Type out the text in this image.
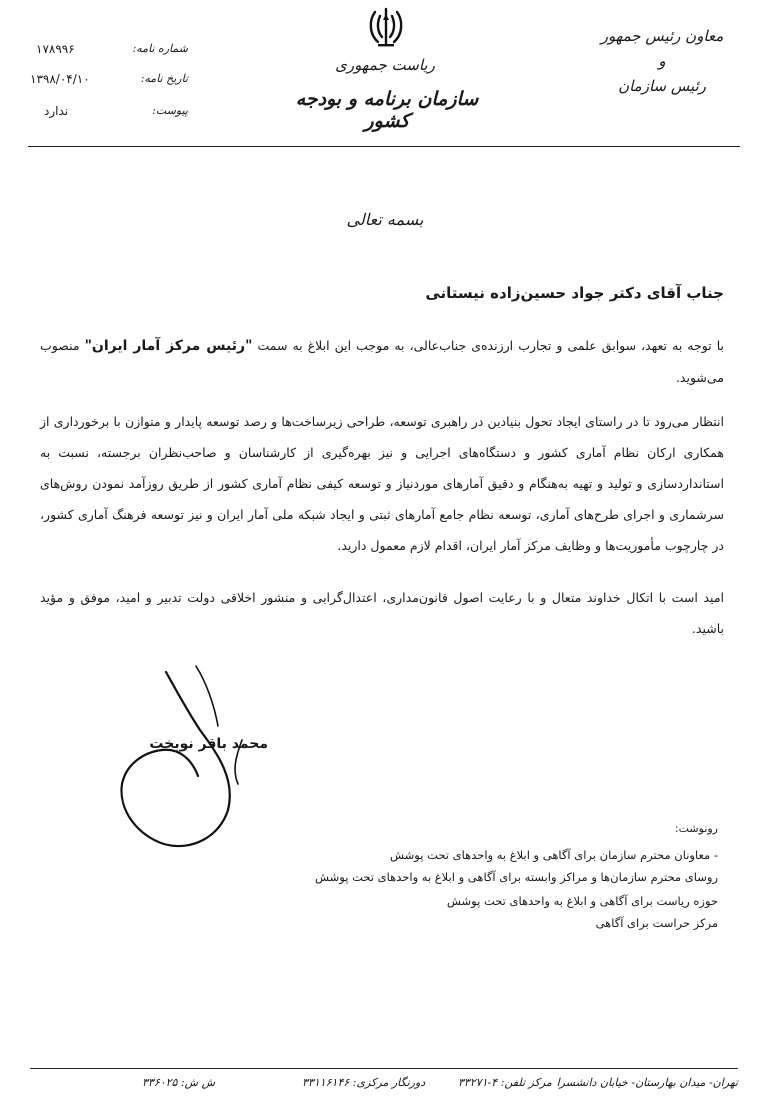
معاون رئیس جمهور
و
رئیس سازمان
ریاست جمهوری
سازمان برنامه و بودجه کشور
شماره نامه:
۱۷۸۹۹۶
تاریخ نامه:
۱۳۹۸/۰۴/۱۰
پیوست:
ندارد
بسمه تعالی
جناب آقای دکتر جواد حسین‌زاده نیستانی
با توجه به تعهد، سوابق علمی و تجارب ارزنده‌ی جناب‌عالی، به موجب این ابلاغ به سمت "رئیس مرکز آمار ایران" منصوب می‌شوید.
انتظار می‌رود تا در راستای ایجاد تحول بنیادین در راهبری توسعه، طراحی زیرساخت‌ها و رصد توسعه پایدار و متوازن با برخورداری از همکاری ارکان نظام آماری کشور و دستگاه‌های اجرایی و نیز بهره‌گیری از کارشناسان و صاحب‌نظران برجسته، نسبت به استانداردسازی و تولید و تهیه به‌هنگام و دقیق آمارهای موردنیاز و توسعه کیفی نظام آماری کشور از طریق روزآمد نمودن روش‌های سرشماری و اجرای طرح‌های آماری، توسعه نظام جامع آمارهای ثبتی و ایجاد شبکه ملی آمار ایران و نیز توسعه فرهنگ آماری کشور، در چارچوب مأموریت‌ها و وظایف مرکز آمار ایران، اقدام لازم معمول دارید.
امید است با اتکال خداوند متعال و با رعایت اصول قانون‌مداری، اعتدال‌گرایی و منشور اخلاقی دولت تدبیر و امید، موفق و مؤید باشید.
محمد باقر نوبخت
رونوشت:
- معاونان محترم سازمان برای آگاهی و ابلاغ به واحدهای تحت پوشش
روسای محترم سازمان‌ها و مراکز وابسته برای آگاهی و ابلاغ به واحدهای تحت پوشش
حوزه ریاست برای آگاهی و ابلاغ به واحدهای تحت پوشش
مرکز حراست برای آگاهی
تهران- میدان بهارستان- خیابان دانشسرا
مرکز تلفن: ۴-۳۳۲۷۱
دورنگار مرکزی: ۳۳۱۱۶۱۴۶
ش ش: ۳۳۶۰۲۵
